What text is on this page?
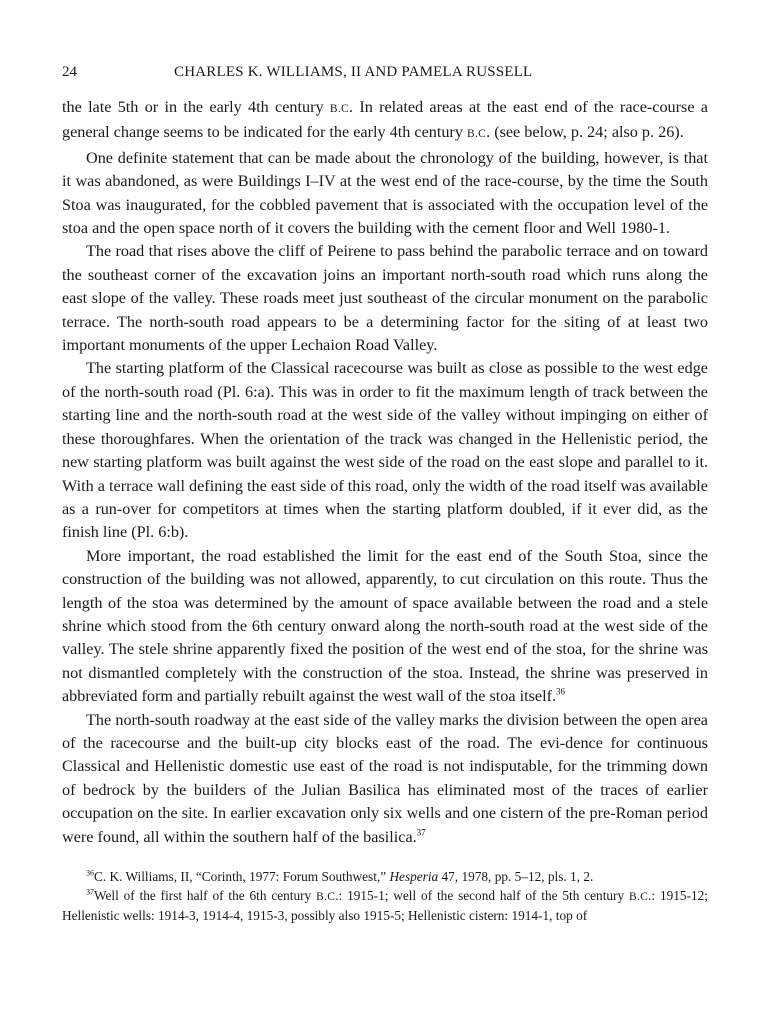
24	CHARLES K. WILLIAMS, II AND PAMELA RUSSELL

the late 5th or in the early 4th century B.C. In related areas at the east end of the race-course a general change seems to be indicated for the early 4th century B.C. (see below, p. 24; also p. 26).

One definite statement that can be made about the chronology of the building, however, is that it was abandoned, as were Buildings I–IV at the west end of the race-course, by the time the South Stoa was inaugurated, for the cobbled pavement that is associated with the occupation level of the stoa and the open space north of it covers the building with the cement floor and Well 1980-1.

The road that rises above the cliff of Peirene to pass behind the parabolic terrace and on toward the southeast corner of the excavation joins an important north-south road which runs along the east slope of the valley. These roads meet just southeast of the circular monument on the parabolic terrace. The north-south road appears to be a determining factor for the siting of at least two important monuments of the upper Lechaion Road Valley.

The starting platform of the Classical racecourse was built as close as possible to the west edge of the north-south road (Pl. 6:a). This was in order to fit the maximum length of track between the starting line and the north-south road at the west side of the valley without impinging on either of these thoroughfares. When the orientation of the track was changed in the Hellenistic period, the new starting platform was built against the west side of the road on the east slope and parallel to it. With a terrace wall defining the east side of this road, only the width of the road itself was available as a run-over for competitors at times when the starting platform doubled, if it ever did, as the finish line (Pl. 6:b).

More important, the road established the limit for the east end of the South Stoa, since the construction of the building was not allowed, apparently, to cut circulation on this route. Thus the length of the stoa was determined by the amount of space available between the road and a stele shrine which stood from the 6th century onward along the north-south road at the west side of the valley. The stele shrine apparently fixed the position of the west end of the stoa, for the shrine was not dismantled completely with the construction of the stoa. Instead, the shrine was preserved in abbreviated form and partially rebuilt against the west wall of the stoa itself.$^{36}$

The north-south roadway at the east side of the valley marks the division between the open area of the racecourse and the built-up city blocks east of the road. The evi-dence for continuous Classical and Hellenistic domestic use east of the road is not indisputable, for the trimming down of bedrock by the builders of the Julian Basilica has eliminated most of the traces of earlier occupation on the site. In earlier excavation only six wells and one cistern of the pre-Roman period were found, all within the southern half of the basilica.$^{37}$

$^{36}$C. K. Williams, II, “Corinth, 1977: Forum Southwest,” Hesperia 47, 1978, pp. 5–12, pls. 1, 2.

$^{37}$Well of the first half of the 6th century B.C.: 1915-1; well of the second half of the 5th century B.C.: 1915-12; Hellenistic wells: 1914-3, 1914-4, 1915-3, possibly also 1915-5; Hellenistic cistern: 1914-1, top of
